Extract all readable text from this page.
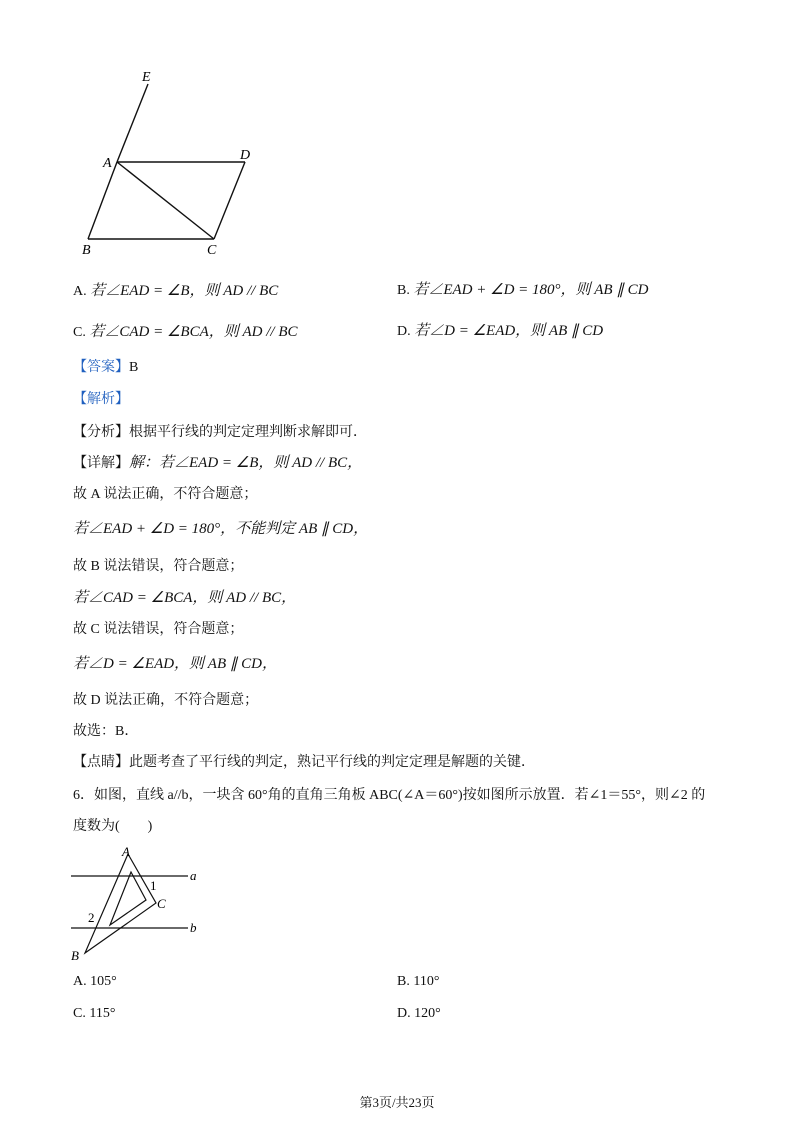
E
A
D
B	C
A. 若∠EAD = ∠B，则 AD // BC	B. 若∠EAD + ∠D = 180°，则 AB ∥ CD
C. 若∠CAD = ∠BCA，则 AD // BC	D. 若∠D = ∠EAD，则 AB ∥ CD
【答案】B
【解析】
【分析】根据平行线的判定定理判断求解即可．
【详解】解：若∠EAD = ∠B，则 AD // BC，
故 A 说法正确，不符合题意；
若∠EAD + ∠D = 180°，不能判定 AB ∥ CD，
故 B 说法错误，符合题意；
若∠CAD = ∠BCA，则 AD // BC，
故 C 说法错误，符合题意；
若∠D = ∠EAD，则 AB ∥ CD，
故 D 说法正确，不符合题意；
故选：B．
【点睛】此题考查了平行线的判定，熟记平行线的判定定理是解题的关键．
6．如图，直线 a//b，一块含 60°角的直角三角板 ABC(∠A＝60°)按如图所示放置．若∠1＝55°，则∠2 的
度数为(　　)
A
C
B
a
b
1
2
A. 105°	B. 110°
C. 115°	D. 120°
第3页/共23页
